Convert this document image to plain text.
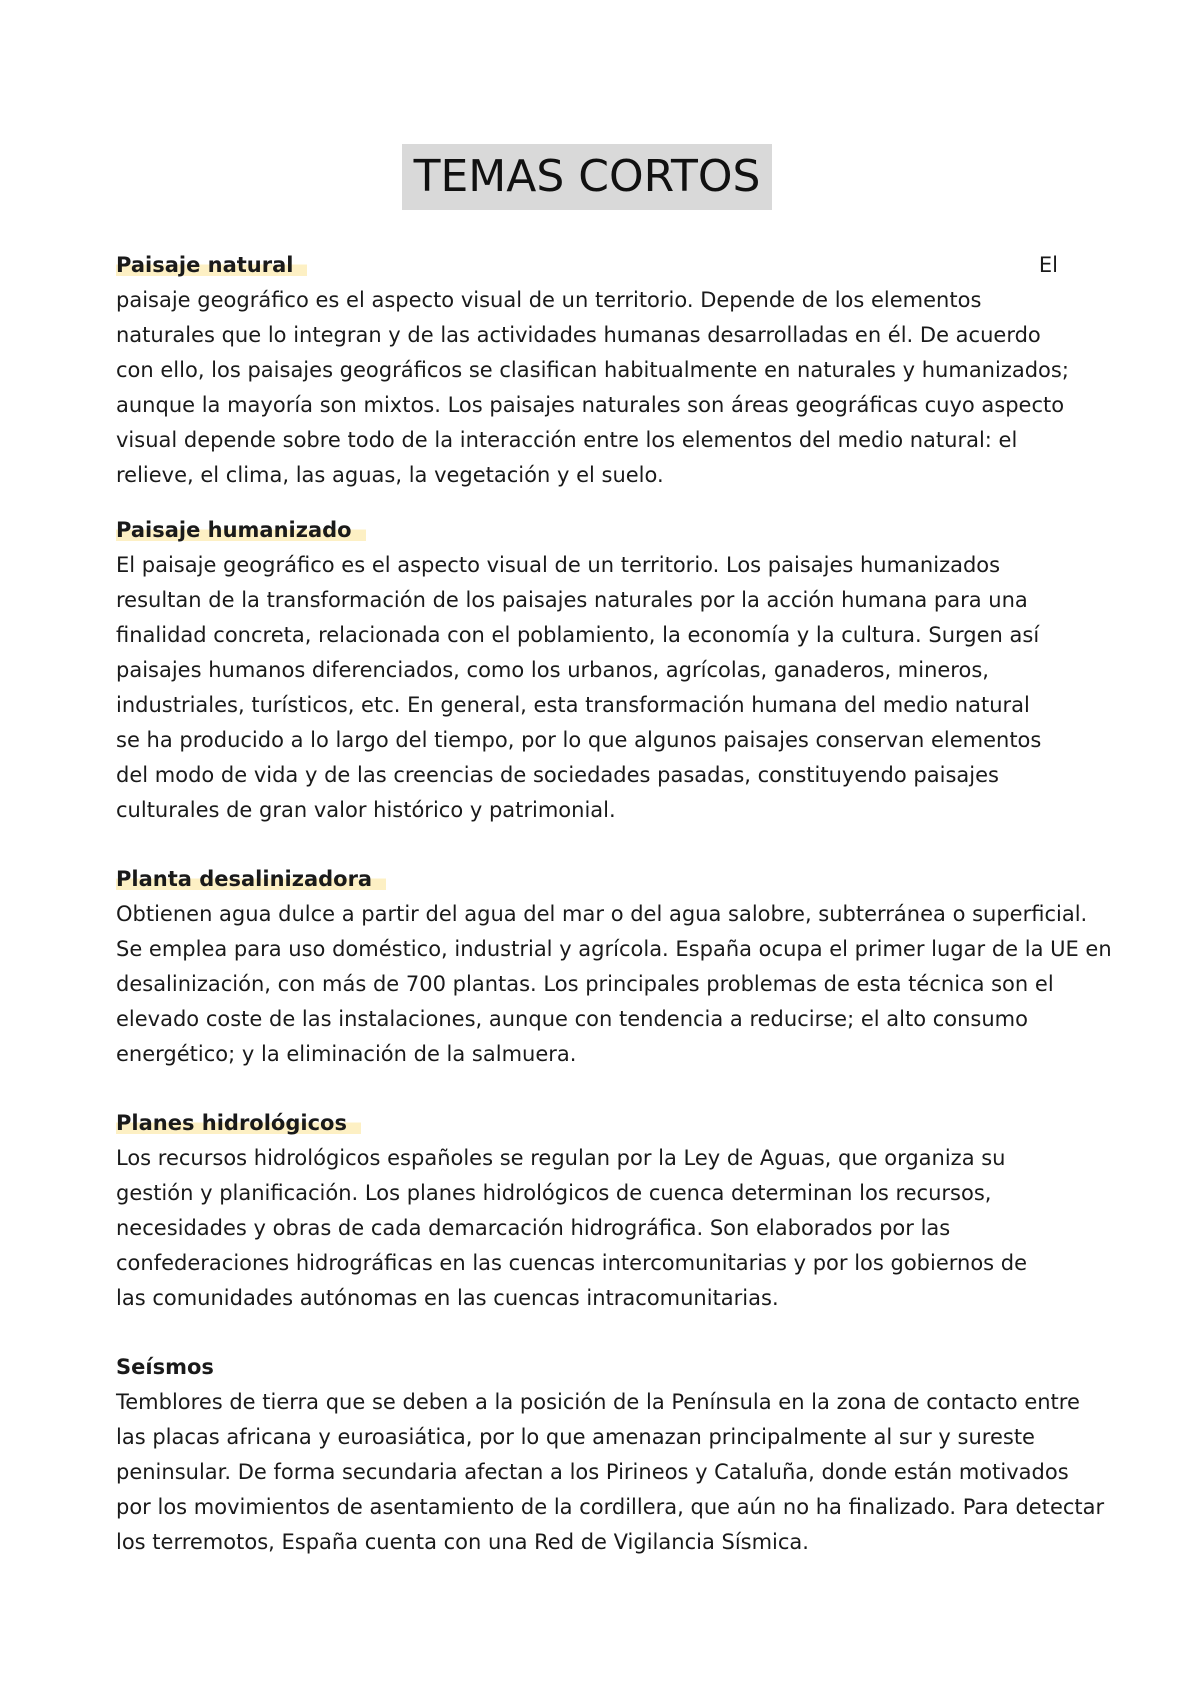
TEMAS CORTOS
Paisaje natural	El
paisaje geográfico es el aspecto visual de un territorio. Depende de los elementos
naturales que lo integran y de las actividades humanas desarrolladas en él. De acuerdo
con ello, los paisajes geográficos se clasifican habitualmente en naturales y humanizados;
aunque la mayoría son mixtos. Los paisajes naturales son áreas geográficas cuyo aspecto
visual depende sobre todo de la interacción entre los elementos del medio natural: el
relieve, el clima, las aguas, la vegetación y el suelo.
Paisaje humanizado
El paisaje geográfico es el aspecto visual de un territorio. Los paisajes humanizados
resultan de la transformación de los paisajes naturales por la acción humana para una
finalidad concreta, relacionada con el poblamiento, la economía y la cultura. Surgen así
paisajes humanos diferenciados, como los urbanos, agrícolas, ganaderos, mineros,
industriales, turísticos, etc. En general, esta transformación humana del medio natural
se ha producido a lo largo del tiempo, por lo que algunos paisajes conservan elementos
del modo de vida y de las creencias de sociedades pasadas, constituyendo paisajes
culturales de gran valor histórico y patrimonial.
Planta desalinizadora
Obtienen agua dulce a partir del agua del mar o del agua salobre, subterránea o superficial.
Se emplea para uso doméstico, industrial y agrícola. España ocupa el primer lugar de la UE en
desalinización, con más de 700 plantas. Los principales problemas de esta técnica son el
elevado coste de las instalaciones, aunque con tendencia a reducirse; el alto consumo
energético; y la eliminación de la salmuera.
Planes hidrológicos
Los recursos hidrológicos españoles se regulan por la Ley de Aguas, que organiza su
gestión y planificación. Los planes hidrológicos de cuenca determinan los recursos,
necesidades y obras de cada demarcación hidrográfica. Son elaborados por las
confederaciones hidrográficas en las cuencas intercomunitarias y por los gobiernos de
las comunidades autónomas en las cuencas intracomunitarias.
Seísmos
Temblores de tierra que se deben a la posición de la Península en la zona de contacto entre
las placas africana y euroasiática, por lo que amenazan principalmente al sur y sureste
peninsular. De forma secundaria afectan a los Pirineos y Cataluña, donde están motivados
por los movimientos de asentamiento de la cordillera, que aún no ha finalizado. Para detectar
los terremotos, España cuenta con una Red de Vigilancia Sísmica.
